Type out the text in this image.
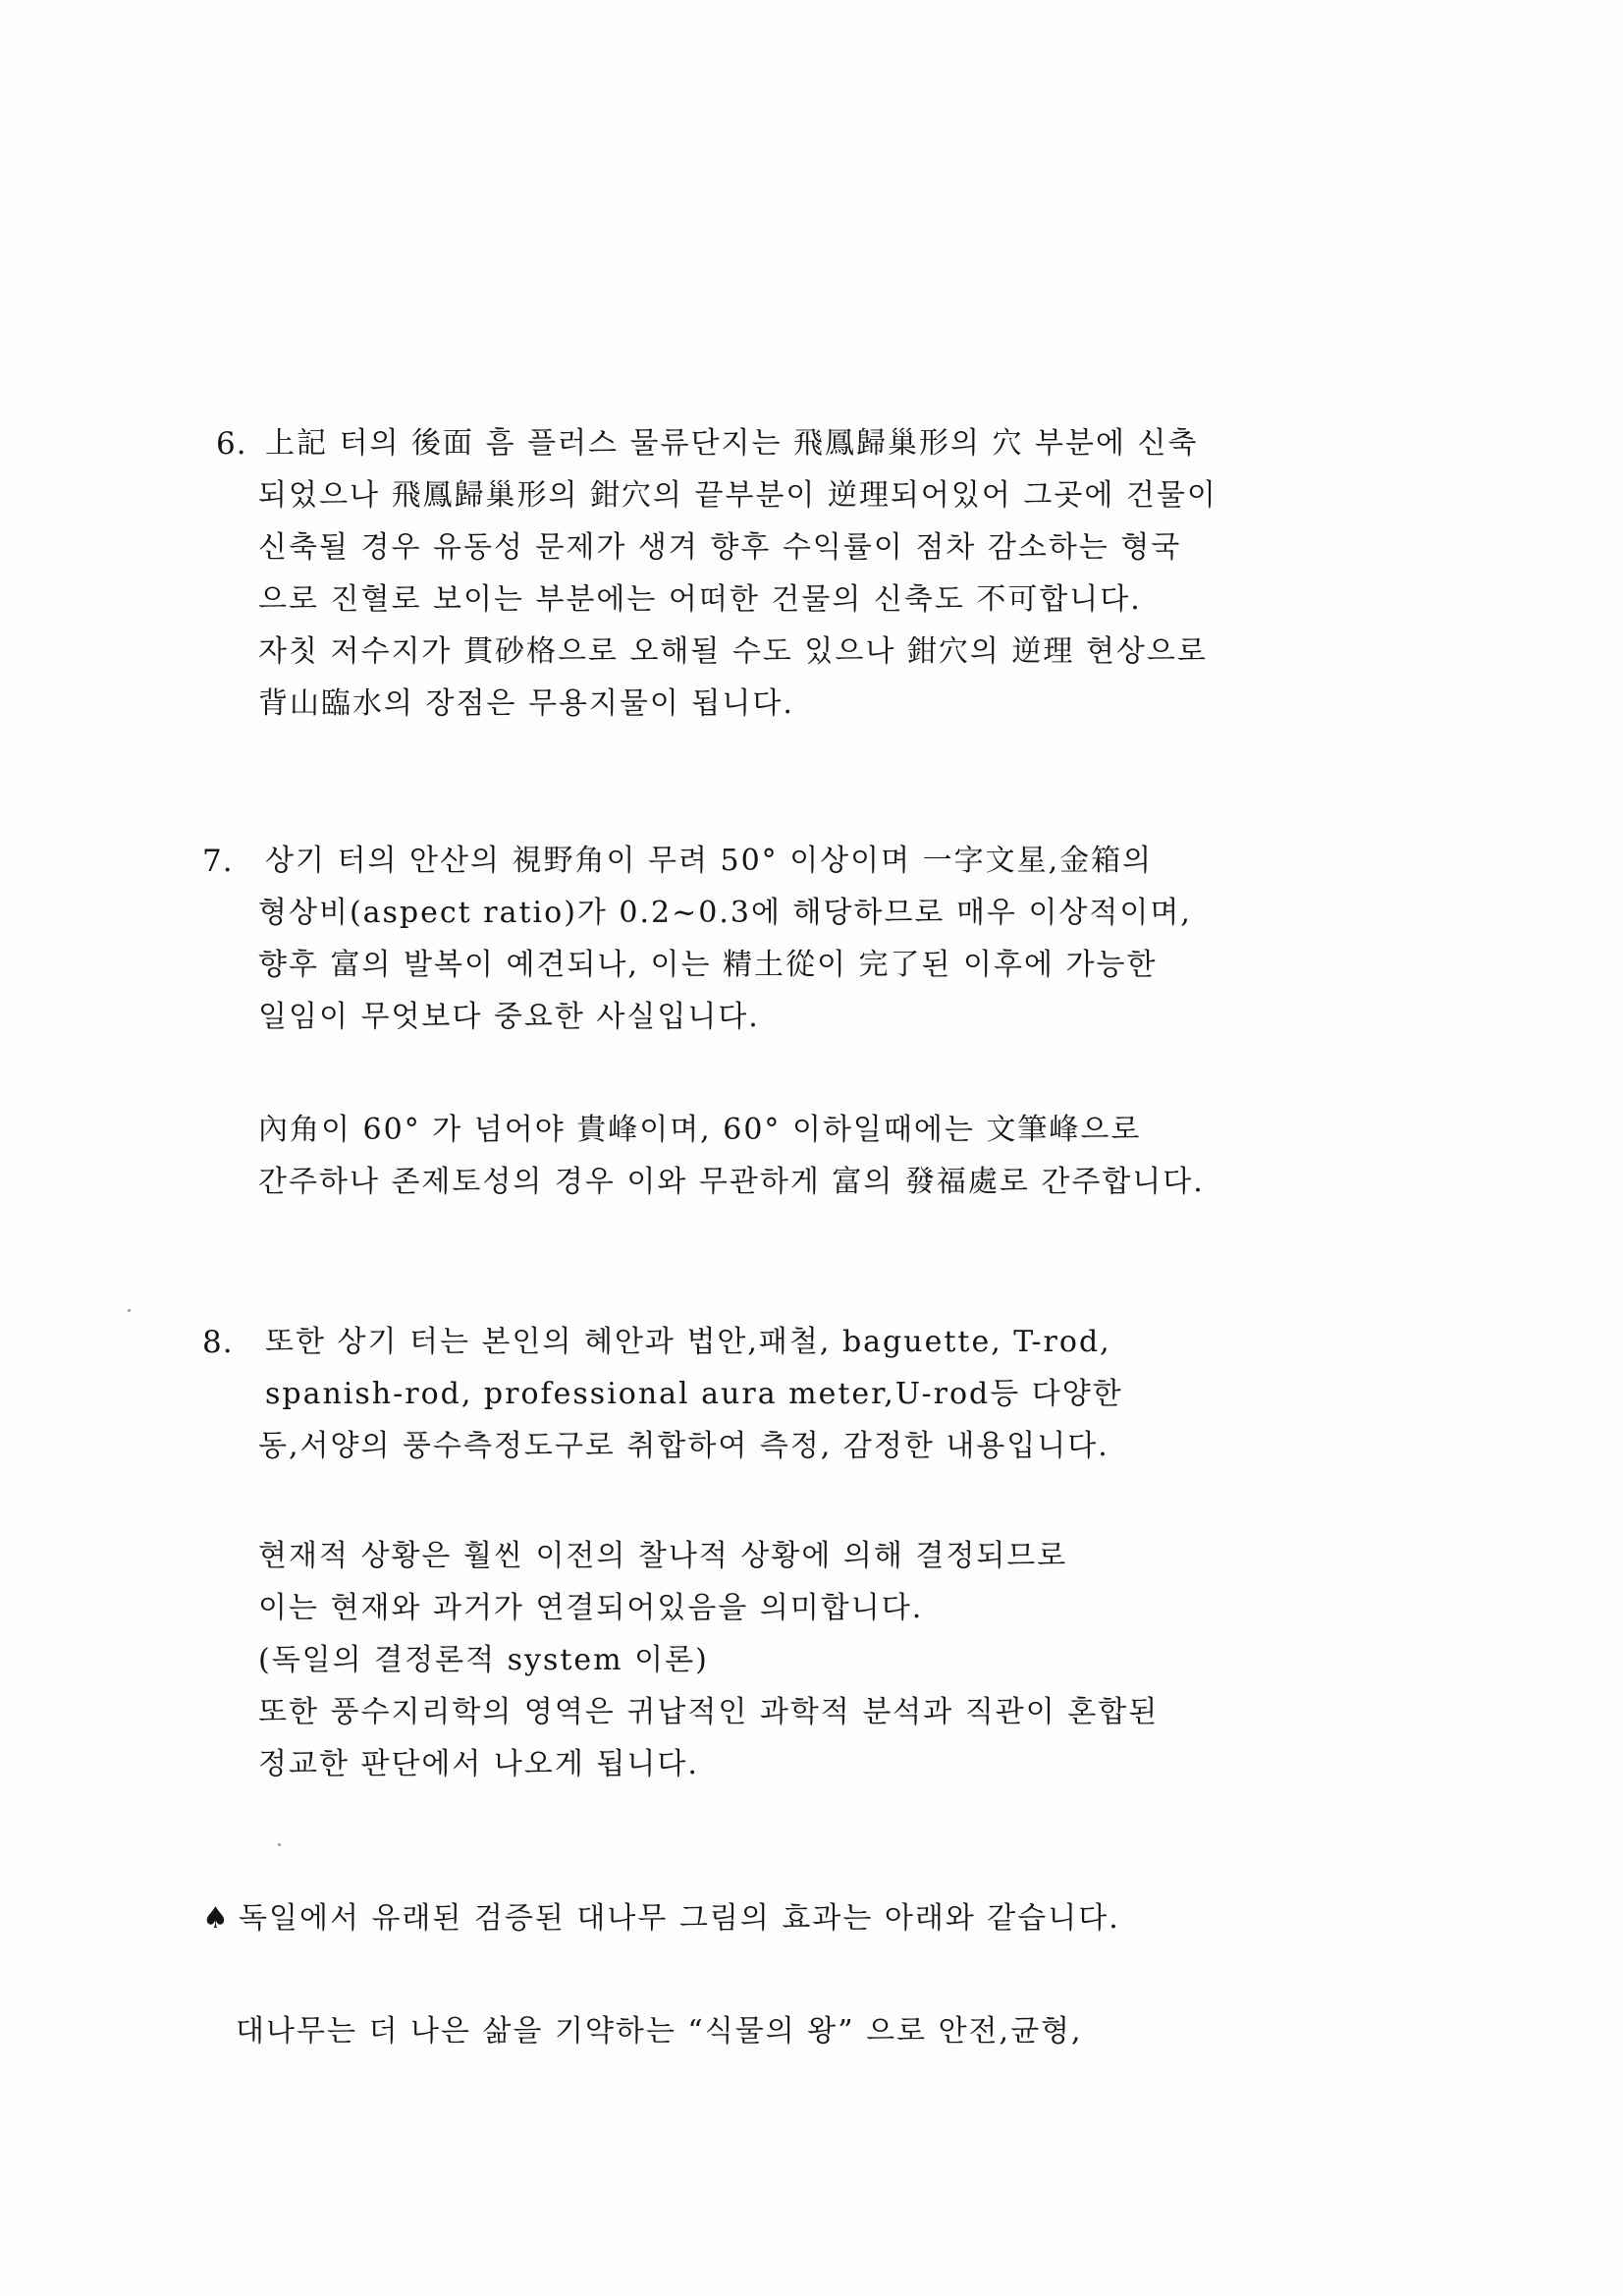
6. 上記 터의 後面 흠 플러스 물류단지는 飛鳳歸巢形의 穴 부분에 신축
되었으나 飛鳳歸巢形의 鉗穴의 끝부분이 逆理되어있어 그곳에 건물이
신축될 경우 유동성 문제가 생겨 향후 수익률이 점차 감소하는 형국
으로 진혈로 보이는 부분에는 어떠한 건물의 신축도 不可합니다.
자칫 저수지가 貫砂格으로 오해될 수도 있으나 鉗穴의 逆理 현상으로
背山臨水의 장점은 무용지물이 됩니다.
7. 상기 터의 안산의 視野角이 무려 50° 이상이며 一字文星,金箱의
형상비(aspect ratio)가 0.2~0.3에 해당하므로 매우 이상적이며,
향후 富의 발복이 예견되나, 이는 精土從이 完了된 이후에 가능한
일임이 무엇보다 중요한 사실입니다.
內角이 60° 가 넘어야 貴峰이며, 60° 이하일때에는 文筆峰으로
간주하나 존제토성의 경우 이와 무관하게 富의 發福處로 간주합니다.
8. 또한 상기 터는 본인의 혜안과 법안,패철, baguette, T-rod,
spanish-rod, professional aura meter,U-rod등 다양한
동,서양의 풍수측정도구로 취합하여 측정, 감정한 내용입니다.
현재적 상황은 훨씬 이전의 찰나적 상황에 의해 결정되므로
이는 현재와 과거가 연결되어있음을 의미합니다.
(독일의 결정론적 system 이론)
또한 풍수지리학의 영역은 귀납적인 과학적 분석과 직관이 혼합된
정교한 판단에서 나오게 됩니다.
♠ 독일에서 유래된 검증된 대나무 그림의 효과는 아래와 같습니다.
대나무는 더 나은 삶을 기약하는 “식물의 왕” 으로 안전,균형,
